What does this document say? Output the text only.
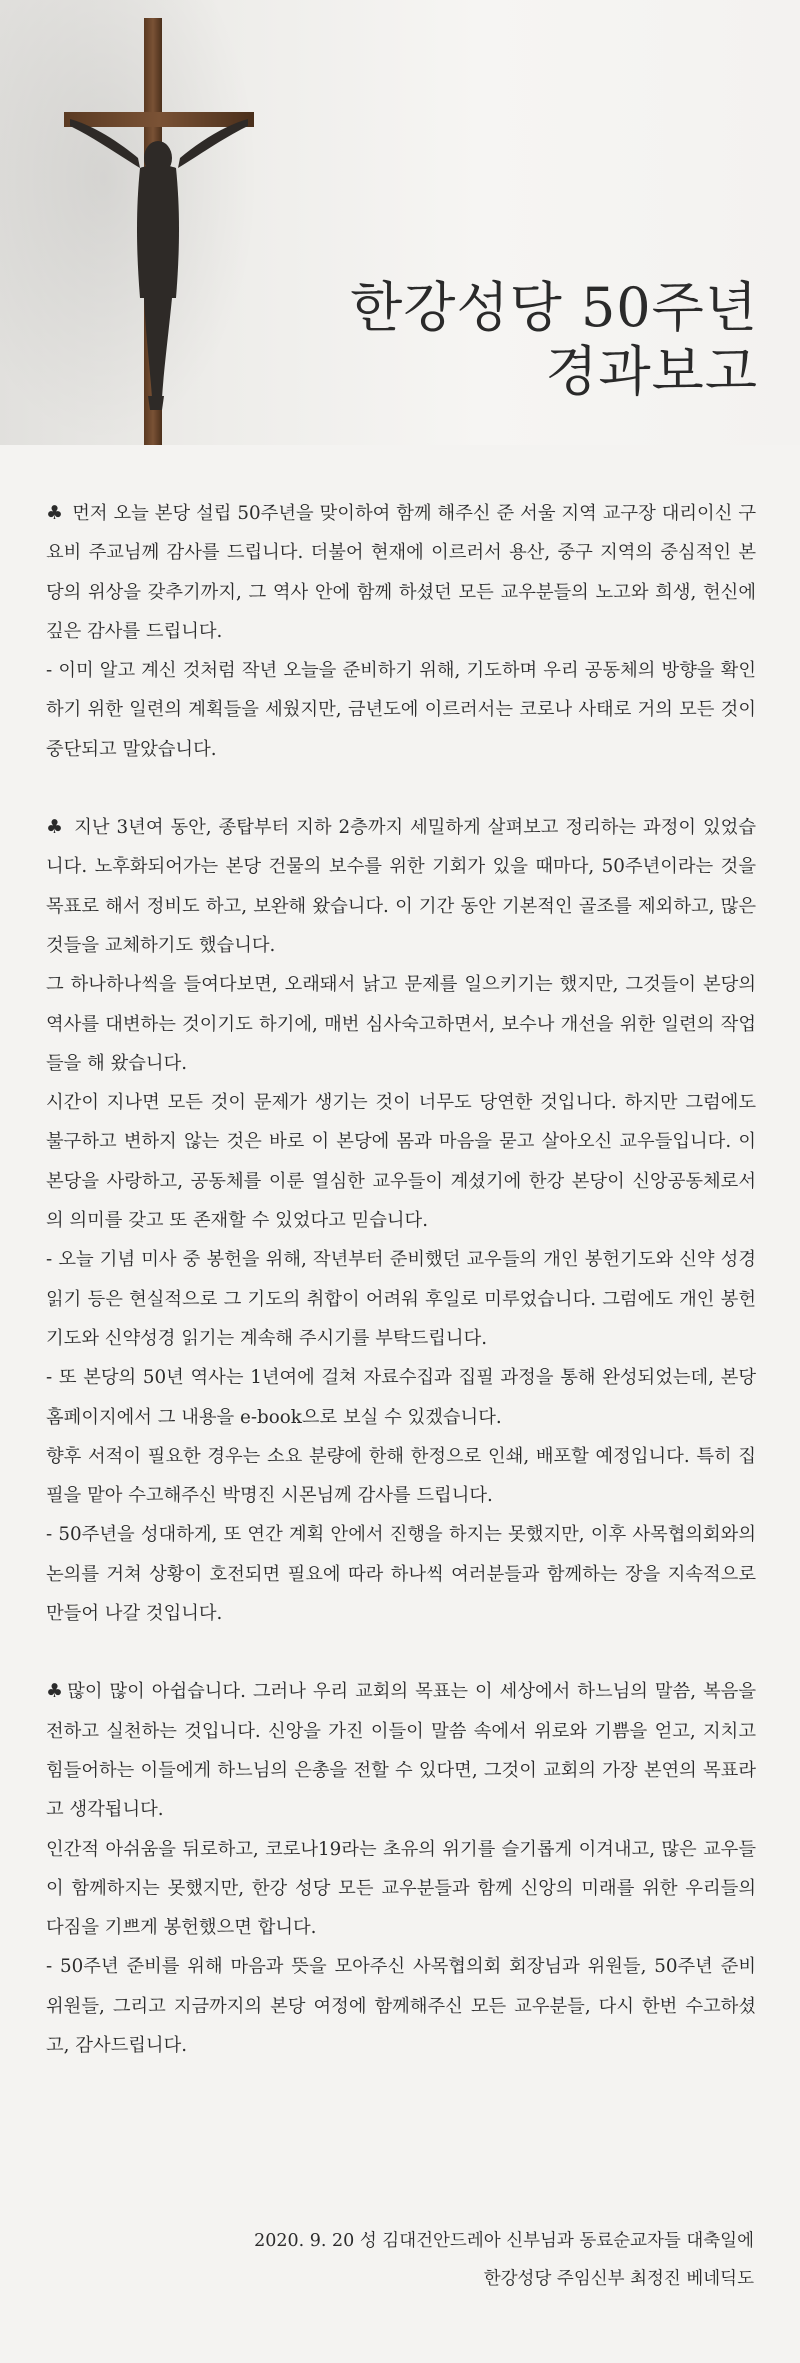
한강성당 50주년
경과보고

♣ 먼저 오늘 본당 설립 50주년을 맞이하여 함께 해주신 준 서울 지역 교구장 대리이신 구요비 주교님께 감사를 드립니다. 더불어 현재에 이르러서 용산, 중구 지역의 중심적인 본당의 위상을 갖추기까지, 그 역사 안에 함께 하셨던 모든 교우분들의 노고와 희생, 헌신에 깊은 감사를 드립니다.

- 이미 알고 계신 것처럼 작년 오늘을 준비하기 위해, 기도하며 우리 공동체의 방향을 확인하기 위한 일련의 계획들을 세웠지만, 금년도에 이르러서는 코로나 사태로 거의 모든 것이 중단되고 말았습니다.

♣ 지난 3년여 동안, 종탑부터 지하 2층까지 세밀하게 살펴보고 정리하는 과정이 있었습니다. 노후화되어가는 본당 건물의 보수를 위한 기회가 있을 때마다, 50주년이라는 것을 목표로 해서 정비도 하고, 보완해 왔습니다. 이 기간 동안 기본적인 골조를 제외하고, 많은 것들을 교체하기도 했습니다.

그 하나하나씩을 들여다보면, 오래돼서 낡고 문제를 일으키기는 했지만, 그것들이 본당의 역사를 대변하는 것이기도 하기에, 매번 심사숙고하면서, 보수나 개선을 위한 일련의 작업들을 해 왔습니다.

시간이 지나면 모든 것이 문제가 생기는 것이 너무도 당연한 것입니다. 하지만 그럼에도 불구하고 변하지 않는 것은 바로 이 본당에 몸과 마음을 묻고 살아오신 교우들입니다. 이 본당을 사랑하고, 공동체를 이룬 열심한 교우들이 계셨기에 한강 본당이 신앙공동체로서의 의미를 갖고 또 존재할 수 있었다고 믿습니다.

- 오늘 기념 미사 중 봉헌을 위해, 작년부터 준비했던 교우들의 개인 봉헌기도와 신약 성경 읽기 등은 현실적으로 그 기도의 취합이 어려워 후일로 미루었습니다. 그럼에도 개인 봉헌기도와 신약성경 읽기는 계속해 주시기를 부탁드립니다.

- 또 본당의 50년 역사는 1년여에 걸쳐 자료수집과 집필 과정을 통해 완성되었는데, 본당 홈페이지에서 그 내용을 e-book으로 보실 수 있겠습니다.

향후 서적이 필요한 경우는 소요 분량에 한해 한정으로 인쇄, 배포할 예정입니다. 특히 집필을 맡아 수고해주신 박명진 시몬님께 감사를 드립니다.

- 50주년을 성대하게, 또 연간 계획 안에서 진행을 하지는 못했지만, 이후 사목협의회와의 논의를 거쳐 상황이 호전되면 필요에 따라 하나씩 여러분들과 함께하는 장을 지속적으로 만들어 나갈 것입니다.

♣ 많이 많이 아쉽습니다. 그러나 우리 교회의 목표는 이 세상에서 하느님의 말씀, 복음을 전하고 실천하는 것입니다. 신앙을 가진 이들이 말씀 속에서 위로와 기쁨을 얻고, 지치고 힘들어하는 이들에게 하느님의 은총을 전할 수 있다면, 그것이 교회의 가장 본연의 목표라고 생각됩니다.

인간적 아쉬움을 뒤로하고, 코로나19라는 초유의 위기를 슬기롭게 이겨내고, 많은 교우들이 함께하지는 못했지만, 한강 성당 모든 교우분들과 함께 신앙의 미래를 위한 우리들의 다짐을 기쁘게 봉헌했으면 합니다.

- 50주년 준비를 위해 마음과 뜻을 모아주신 사목협의회 회장님과 위원들, 50주년 준비 위원들, 그리고 지금까지의 본당 여정에 함께해주신 모든 교우분들, 다시 한번 수고하셨고, 감사드립니다.

2020. 9. 20 성 김대건안드레아 신부님과 동료순교자들 대축일에

한강성당 주임신부 최정진 베네딕도
